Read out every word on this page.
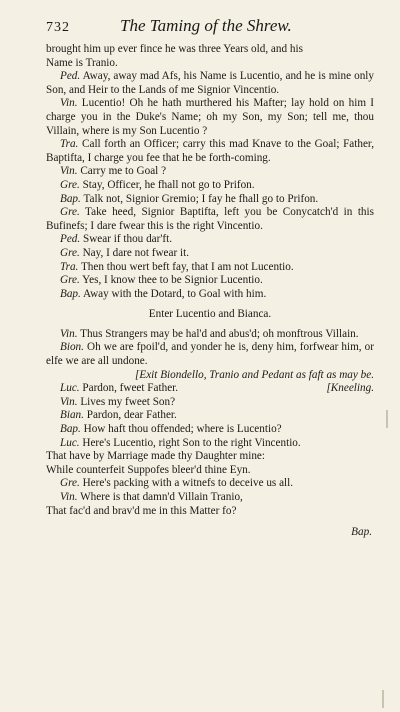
732	The Taming of the Shrew.

brought him up ever fince he was three Years old, and his

Name is Tranio.

Ped. Away, away mad Afs, his Name is Lucentio, and he is mine only Son, and Heir to the Lands of me Signior Vincentio.

Vin. Lucentio! Oh he hath murthered his Mafter; lay hold on him I charge you in the Duke's Name; oh my Son, my Son; tell me, thou Villain, where is my Son Lucentio ?

Tra. Call forth an Officer; carry this mad Knave to the Goal; Father, Baptifta, I charge you fee that he be forth-coming.

Vin. Carry me to Goal ?

Gre. Stay, Officer, he fhall not go to Prifon.

Bap. Talk not, Signior Gremio; I fay he fhall go to Prifon.

Gre. Take heed, Signior Baptifta, left you be Conycatch'd in this Bufinefs; I dare fwear this is the right Vincentio.

Ped. Swear if thou dar'ft.

Gre. Nay, I dare not fwear it.

Tra. Then thou wert beft fay, that I am not Lucentio.

Gre. Yes, I know thee to be Signior Lucentio.

Bap. Away with the Dotard, to Goal with him.

Enter Lucentio and Bianca.

Vin. Thus Strangers may be hal'd and abus'd; oh monftrous Villain.

Bion. Oh we are fpoil'd, and yonder he is, deny him, forfwear him, or elfe we are all undone.

[Exit Biondello, Tranio and Pedant as faft as may be.

Luc. Pardon, fweet Father.	[Kneeling.

Vin. Lives my fweet Son?

Bian. Pardon, dear Father.

Bap. How haft thou offended; where is Lucentio?

Luc. Here's Lucentio, right Son to the right Vincentio.

That have by Marriage made thy Daughter mine:

While counterfeit Suppofes bleer'd thine Eyn.

Gre. Here's packing with a witnefs to deceive us all.

Vin. Where is that damn'd Villain Tranio,

That fac'd and brav'd me in this Matter fo?

Bap.
